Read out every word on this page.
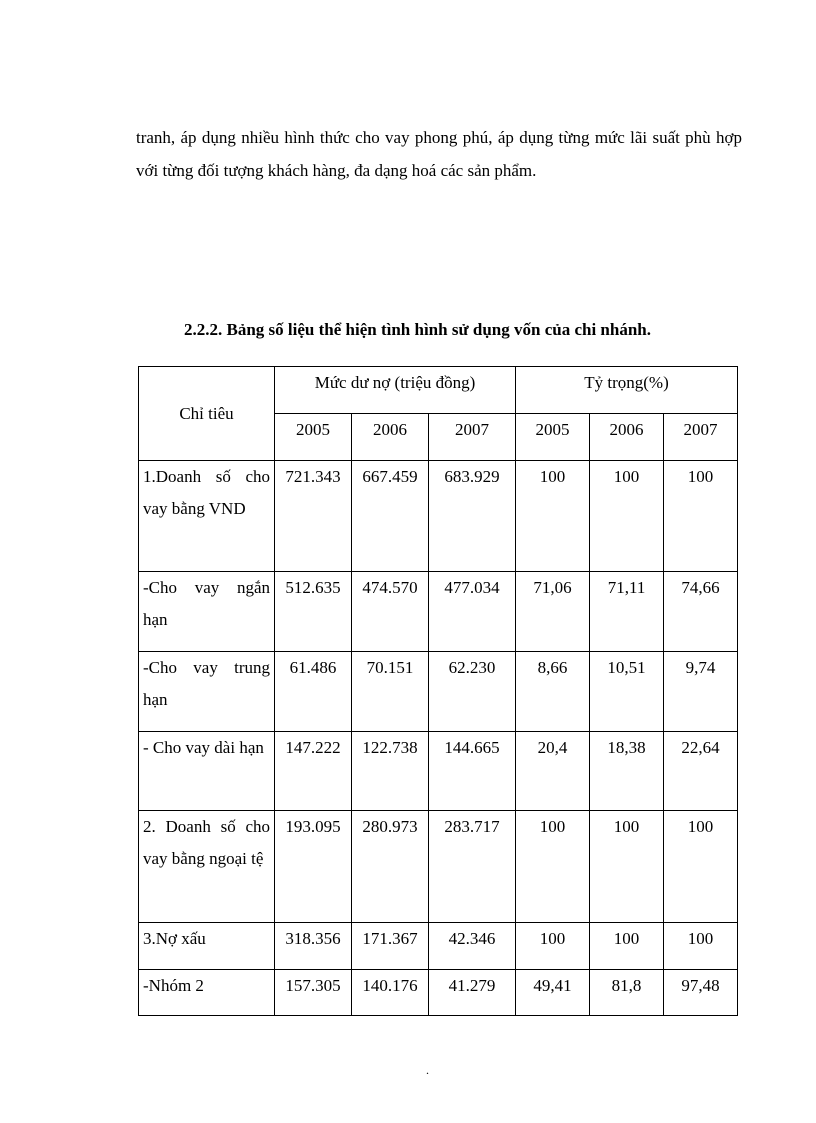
tranh, áp dụng nhiều hình thức cho vay phong phú, áp dụng từng mức lãi suất phù hợp với từng đối tượng khách hàng, đa dạng hoá các sản phẩm.

2.2.2. Bảng số liệu thể hiện tình hình sử dụng vốn của chi nhánh.
Chỉ tiêu	Mức dư nợ (triệu đồng)			Tỷ trọng(%)		
	2005	2006	2007	2005	2006	2007
1.Doanh số cho vay bằng VND	721.343	667.459	683.929	100	100	100
-Cho vay ngắn hạn	512.635	474.570	477.034	71,06	71,11	74,66
-Cho vay trung hạn	61.486	70.151	62.230	8,66	10,51	9,74
- Cho vay dài hạn	147.222	122.738	144.665	20,4	18,38	22,64
2. Doanh số cho vay bằng ngoại tệ	193.095	280.973	283.717	100	100	100
3.Nợ xấu	318.356	171.367	42.346	100	100	100
-Nhóm 2	157.305	140.176	41.279	49,41	81,8	97,48
.
